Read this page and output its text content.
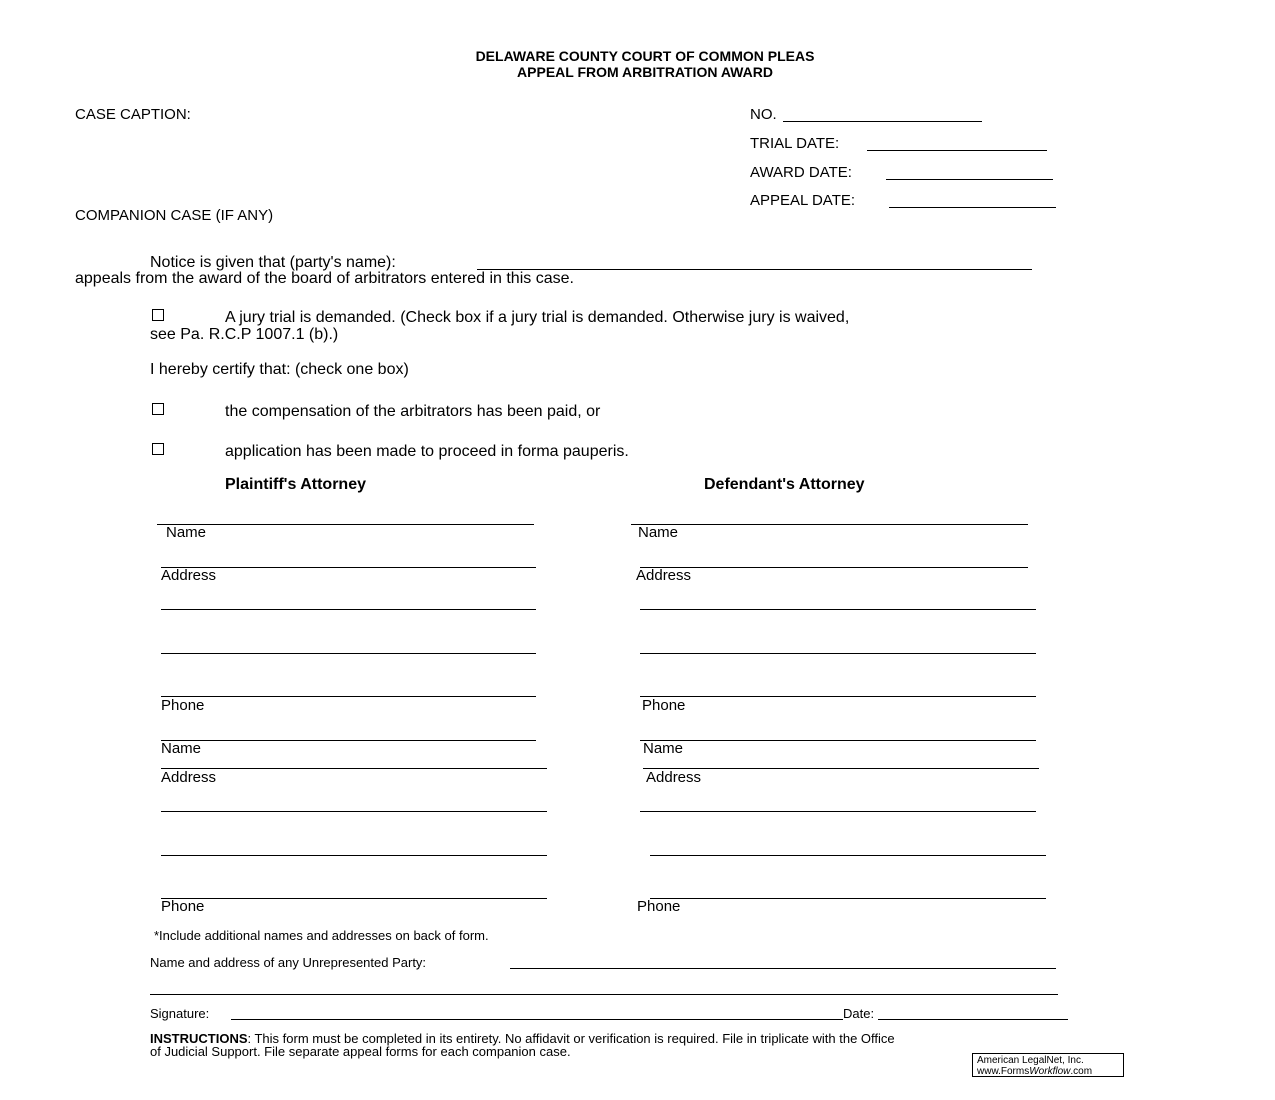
DELAWARE COUNTY COURT OF COMMON PLEAS
APPEAL FROM ARBITRATION AWARD
CASE CAPTION:
COMPANION CASE (IF ANY)
NO.
TRIAL DATE:
AWARD DATE:
APPEAL DATE:
Notice is given that (party's name):
appeals from the award of the board of arbitrators entered in this case.
A jury trial is demanded. (Check box if a jury trial is demanded. Otherwise jury is waived,
see Pa. R.C.P 1007.1 (b).)
I hereby certify that: (check one box)
the compensation of the arbitrators has been paid, or
application has been made to proceed in forma pauperis.
Plaintiff's Attorney	Defendant's Attorney
Name
Address
Phone
Name
Address
Phone
Name
Address
Phone
Name
Address
Phone
*Include additional names and addresses on back of form.
Name and address of any Unrepresented Party:
Signature:	Date:
INSTRUCTIONS: This form must be completed in its entirety. No affidavit or verification is required. File in triplicate with the Office
of Judicial Support. File separate appeal forms for each companion case.
American LegalNet, Inc.
www.FormsWorkflow.com
